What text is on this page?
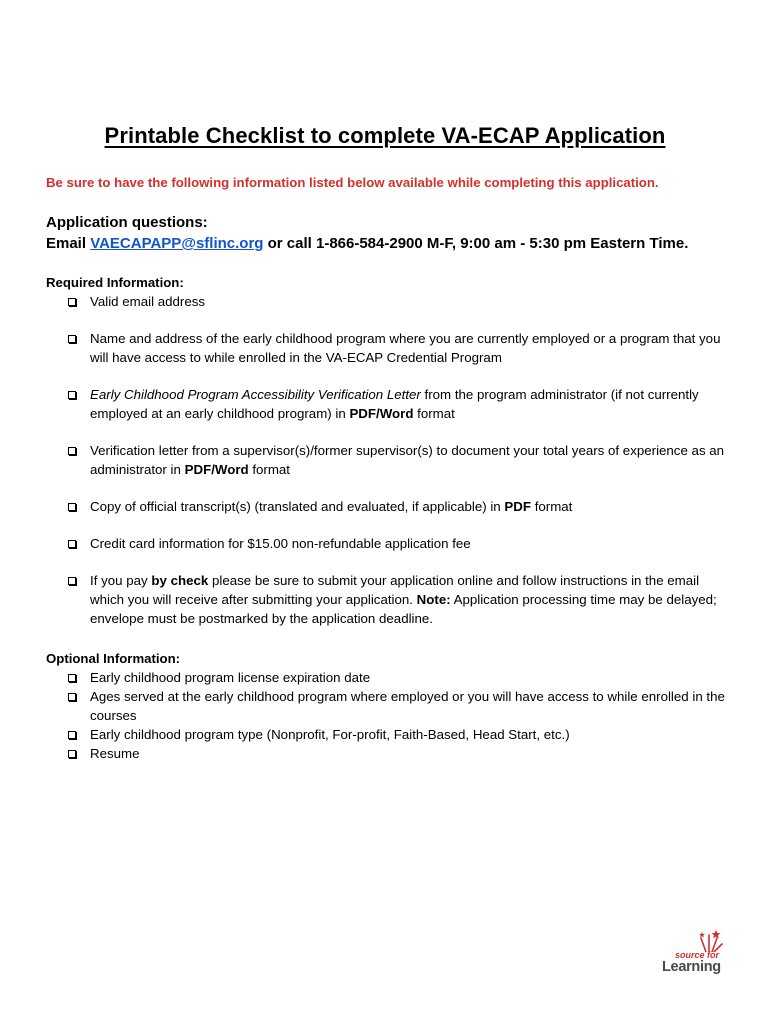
Printable Checklist to complete VA-ECAP Application
Be sure to have the following information listed below available while completing this application.
Application questions:
Email VAECAPAPP@sflinc.org or call 1-866-584-2900 M-F, 9:00 am - 5:30 pm Eastern Time.
Required Information:
Valid email address
Name and address of the early childhood program where you are currently employed or a program that you will have access to while enrolled in the VA-ECAP Credential Program
Early Childhood Program Accessibility Verification Letter from the program administrator (if not currently employed at an early childhood program) in PDF/Word format
Verification letter from a supervisor(s)/former supervisor(s) to document your total years of experience as an administrator in PDF/Word format
Copy of official transcript(s) (translated and evaluated, if applicable) in PDF format
Credit card information for $15.00 non-refundable application fee
If you pay by check please be sure to submit your application online and follow instructions in the email which you will receive after submitting your application. Note: Application processing time may be delayed; envelope must be postmarked by the application deadline.
Optional Information:
Early childhood program license expiration date
Ages served at the early childhood program where employed or you will have access to while enrolled in the courses
Early childhood program type (Nonprofit, For-profit, Faith-Based, Head Start, etc.)
Resume
source for
Learning
